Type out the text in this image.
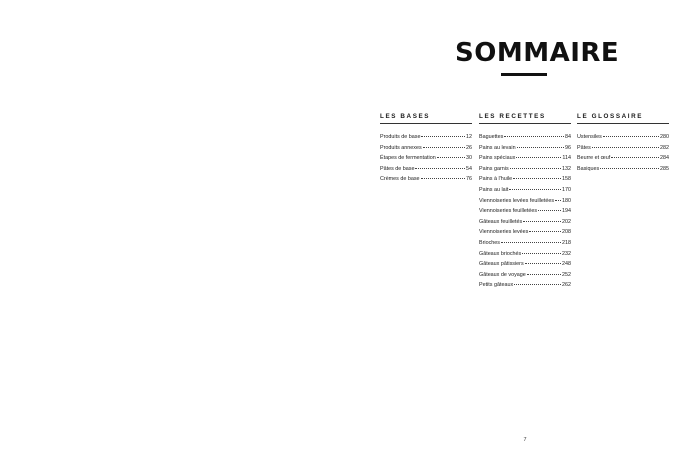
SOMMAIRE
LES BASES
Produits de base	12
Produits annexes	26
Étapes de fermentation	30
Pâtes de base	54
Crèmes de base	76
LES RECETTES
Baguettes	84
Pains au levain	96
Pains spéciaux	114
Pains garnis	132
Pains à l'huile	158
Pains au lait	170
Viennoiseries levées feuilletées 180
Viennoiseries feuilletées	194
Gâteaux feuilletés	202
Viennoiseries levées	208
Brioches	218
Gâteaux briochés	232
Gâteaux pâtissiers	248
Gâteaux de voyage	252
Petits gâteaux	262
LE GLOSSAIRE
Ustensiles	280
Pâtes	282
Beurre et œuf	284
Basiques	285
7
